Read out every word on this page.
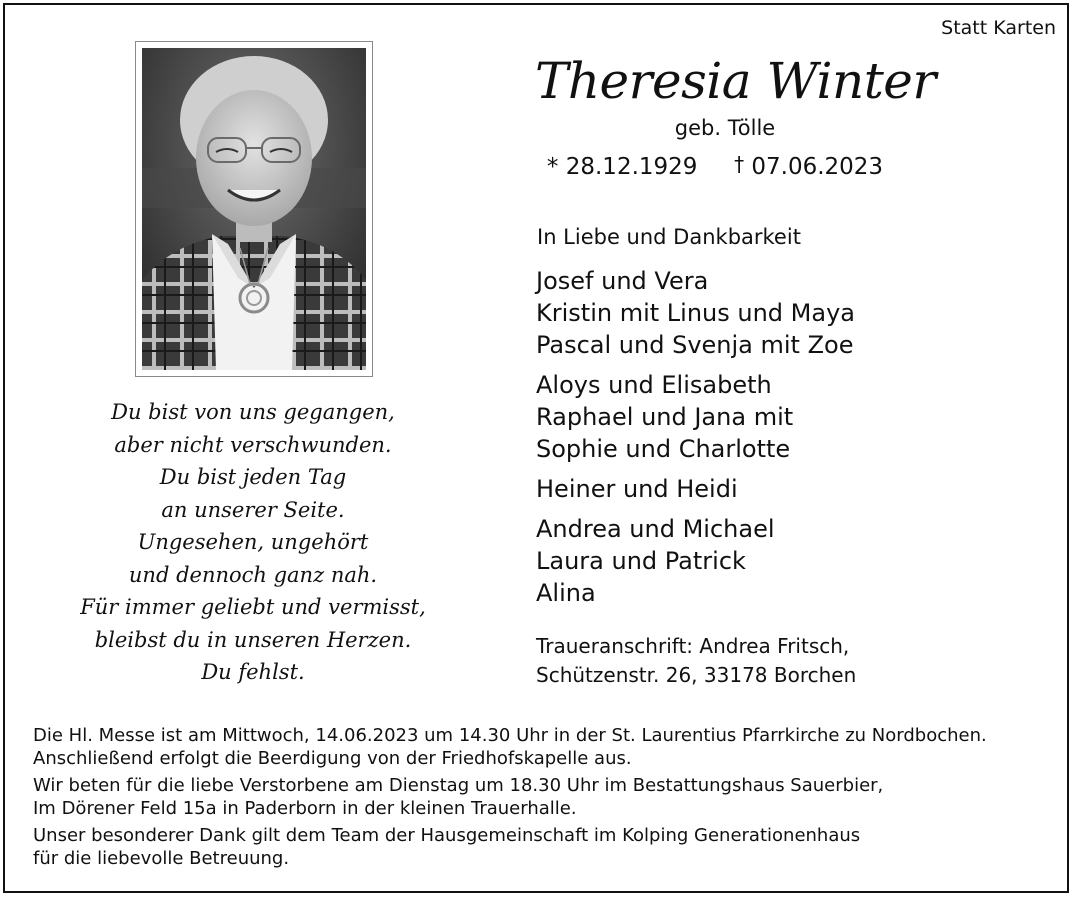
Statt Karten
Theresia Winter
geb. Tölle
* 28.12.1929 † 07.06.2023
In Liebe und Dankbarkeit
Josef und Vera
Kristin mit Linus und Maya
Pascal und Svenja mit Zoe
Aloys und Elisabeth
Raphael und Jana mit
Sophie und Charlotte
Heiner und Heidi
Andrea und Michael
Laura und Patrick
Alina
Traueranschrift: Andrea Fritsch,
Schützenstr. 26, 33178 Borchen
Du bist von uns gegangen,
aber nicht verschwunden.
Du bist jeden Tag
an unserer Seite.
Ungesehen, ungehört
und dennoch ganz nah.
Für immer geliebt und vermisst,
bleibst du in unseren Herzen.
Du fehlst.
Die Hl. Messe ist am Mittwoch, 14.06.2023 um 14.30 Uhr in der St. Laurentius Pfarrkirche zu Nordbochen.
Anschließend erfolgt die Beerdigung von der Friedhofskapelle aus.
Wir beten für die liebe Verstorbene am Dienstag um 18.30 Uhr im Bestattungshaus Sauerbier,
Im Dörener Feld 15a in Paderborn in der kleinen Trauerhalle.
Unser besonderer Dank gilt dem Team der Hausgemeinschaft im Kolping Generationenhaus
für die liebevolle Betreuung.
